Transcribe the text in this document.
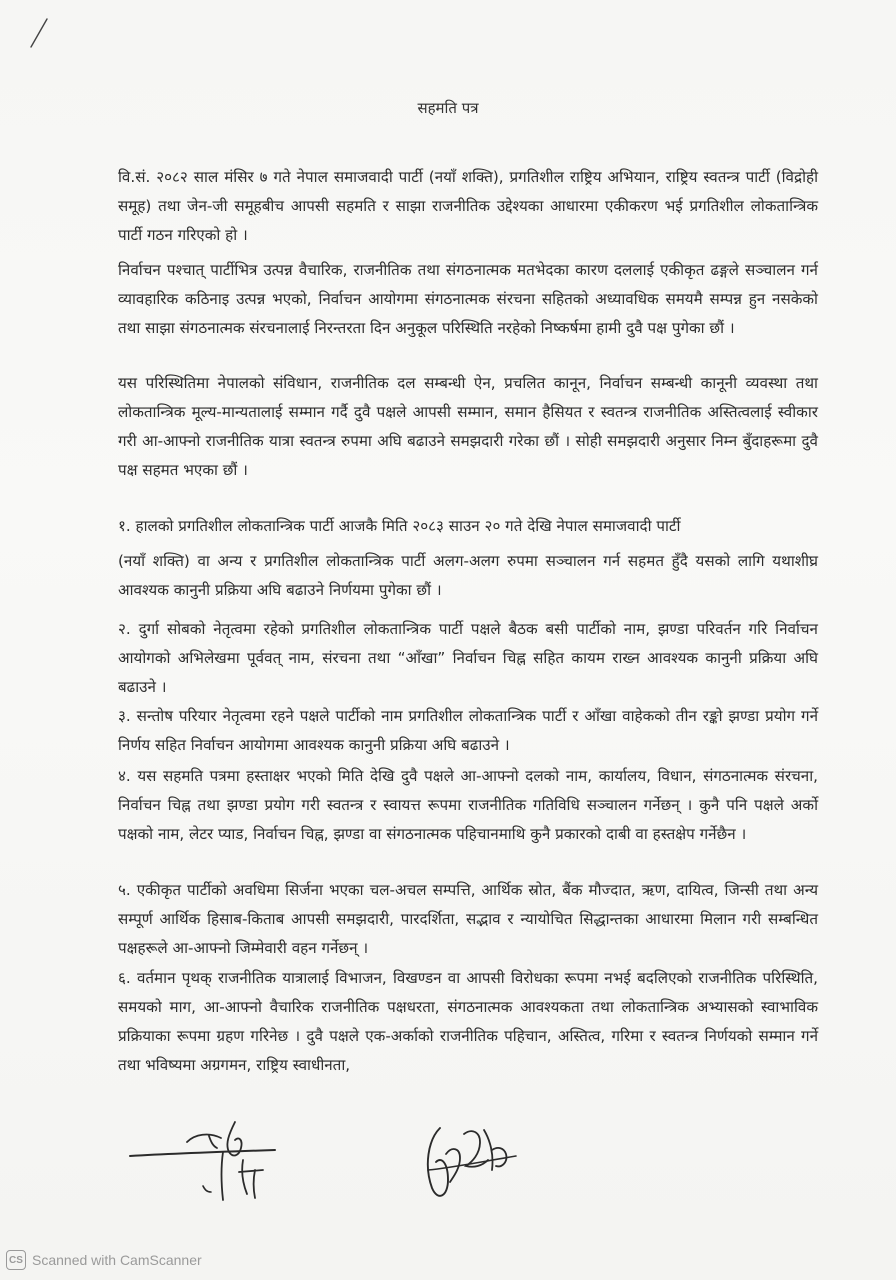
सहमति पत्र
वि.सं. २०८२ साल मंसिर ७ गते नेपाल समाजवादी पार्टी (नयाँ शक्ति), प्रगतिशील राष्ट्रिय अभियान, राष्ट्रिय स्वतन्त्र पार्टी (विद्रोही समूह) तथा जेन-जी समूहबीच आपसी सहमति र साझा राजनीतिक उद्देश्यका आधारमा एकीकरण भई प्रगतिशील लोकतान्त्रिक पार्टी गठन गरिएको हो ।
निर्वाचन पश्चात् पार्टीभित्र उत्पन्न वैचारिक, राजनीतिक तथा संगठनात्मक मतभेदका कारण दललाई एकीकृत ढङ्गले सञ्चालन गर्न व्यावहारिक कठिनाइ उत्पन्न भएको, निर्वाचन आयोगमा संगठनात्मक संरचना सहितको अध्यावधिक समयमै सम्पन्न हुन नसकेको तथा साझा संगठनात्मक संरचनालाई निरन्तरता दिन अनुकूल परिस्थिति नरहेको निष्कर्षमा हामी दुवै पक्ष पुगेका छौं ।
यस परिस्थितिमा नेपालको संविधान, राजनीतिक दल सम्बन्धी ऐन, प्रचलित कानून, निर्वाचन सम्बन्धी कानूनी व्यवस्था तथा लोकतान्त्रिक मूल्य-मान्यतालाई सम्मान गर्दै दुवै पक्षले आपसी सम्मान, समान हैसियत र स्वतन्त्र राजनीतिक अस्तित्वलाई स्वीकार गरी आ-आफ्नो राजनीतिक यात्रा स्वतन्त्र रुपमा अघि बढाउने समझदारी गरेका छौं । सोही समझदारी अनुसार निम्न बुँदाहरूमा दुवै पक्ष सहमत भएका छौं ।
१. हालको प्रगतिशील लोकतान्त्रिक पार्टी आजकै मिति २०८३ साउन २० गते देखि नेपाल समाजवादी पार्टी
(नयाँ शक्ति) वा अन्य र प्रगतिशील लोकतान्त्रिक पार्टी अलग-अलग रुपमा सञ्चालन गर्न सहमत हुँदै यसको लागि यथाशीघ्र आवश्यक कानुनी प्रक्रिया अघि बढाउने निर्णयमा पुगेका छौं ।
२. दुर्गा सोबको नेतृत्वमा रहेको प्रगतिशील लोकतान्त्रिक पार्टी पक्षले बैठक बसी पार्टीको नाम, झण्डा परिवर्तन गरि निर्वाचन आयोगको अभिलेखमा पूर्ववत् नाम, संरचना तथा “आँखा” निर्वाचन चिह्न सहित कायम राख्न आवश्यक कानुनी प्रक्रिया अघि बढाउने ।
३. सन्तोष परियार नेतृत्वमा रहने पक्षले पार्टीको नाम प्रगतिशील लोकतान्त्रिक पार्टी र आँखा वाहेकको तीन रङ्को झण्डा प्रयोग गर्ने निर्णय सहित निर्वाचन आयोगमा आवश्यक कानुनी प्रक्रिया अघि बढाउने ।
४. यस सहमति पत्रमा हस्ताक्षर भएको मिति देखि दुवै पक्षले आ-आफ्नो दलको नाम, कार्यालय, विधान, संगठनात्मक संरचना, निर्वाचन चिह्न तथा झण्डा प्रयोग गरी स्वतन्त्र र स्वायत्त रूपमा राजनीतिक गतिविधि सञ्चालन गर्नेछन् । कुनै पनि पक्षले अर्को पक्षको नाम, लेटर प्याड, निर्वाचन चिह्न, झण्डा वा संगठनात्मक पहिचानमाथि कुनै प्रकारको दाबी वा हस्तक्षेप गर्नेछैन ।
५. एकीकृत पार्टीको अवधिमा सिर्जना भएका चल-अचल सम्पत्ति, आर्थिक स्रोत, बैंक मौज्दात, ऋण, दायित्व, जिन्सी तथा अन्य सम्पूर्ण आर्थिक हिसाब-किताब आपसी समझदारी, पारदर्शिता, सद्भाव र न्यायोचित सिद्धान्तका आधारमा मिलान गरी सम्बन्धित पक्षहरूले आ-आफ्नो जिम्मेवारी वहन गर्नेछन् ।
६. वर्तमान पृथक् राजनीतिक यात्रालाई विभाजन, विखण्डन वा आपसी विरोधका रूपमा नभई बदलिएको राजनीतिक परिस्थिति, समयको माग, आ-आफ्नो वैचारिक राजनीतिक पक्षधरता, संगठनात्मक आवश्यकता तथा लोकतान्त्रिक अभ्यासको स्वाभाविक प्रक्रियाका रूपमा ग्रहण गरिनेछ । दुवै पक्षले एक-अर्काको राजनीतिक पहिचान, अस्तित्व, गरिमा र स्वतन्त्र निर्णयको सम्मान गर्ने तथा भविष्यमा अग्रगमन, राष्ट्रिय स्वाधीनता,
CS Scanned with CamScanner
